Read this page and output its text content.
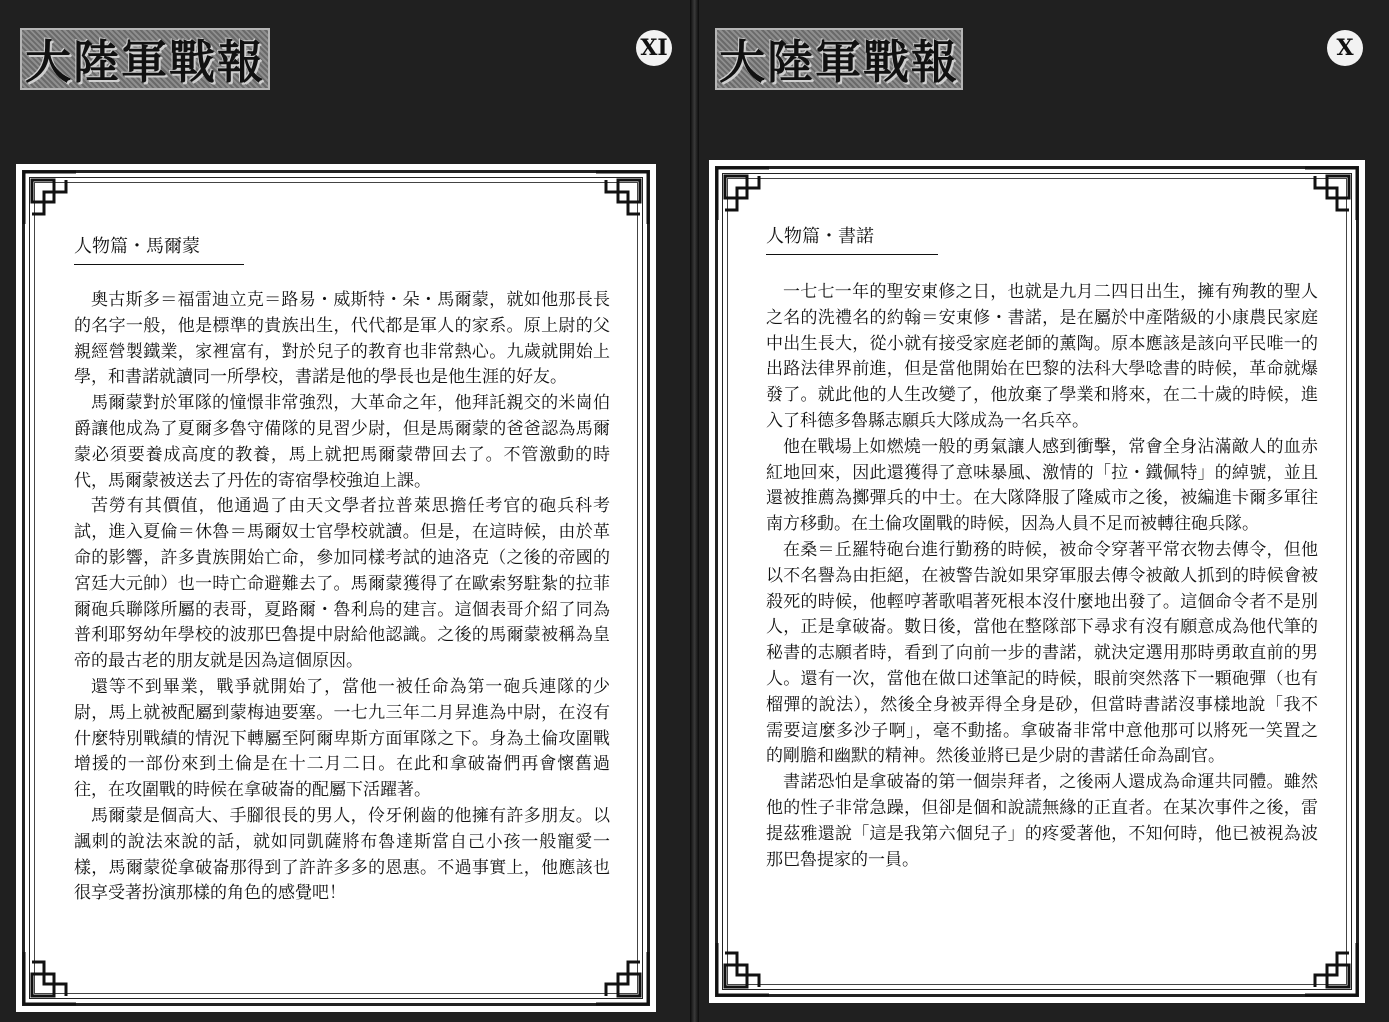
大陸軍戰報	XI
人物篇・馬爾蒙

奧古斯多＝福雷迪立克＝路易・威斯特・朵・馬爾蒙，就如他那長長的名字一般，他是標準的貴族出生，代代都是軍人的家系。原上尉的父親經營製鐵業，家裡富有，對於兒子的教育也非常熱心。九歲就開始上學，和書諾就讀同一所學校，書諾是他的學長也是他生涯的好友。

馬爾蒙對於軍隊的憧憬非常強烈，大革命之年，他拜託親交的米崗伯爵讓他成為了夏爾多魯守備隊的見習少尉，但是馬爾蒙的爸爸認為馬爾蒙必須要養成高度的教養，馬上就把馬爾蒙帶回去了。不管激動的時代，馬爾蒙被送去了丹佐的寄宿學校強迫上課。

苦勞有其價值，他通過了由天文學者拉普萊思擔任考官的砲兵科考試，進入夏倫＝休魯＝馬爾奴士官學校就讀。但是，在這時候，由於革命的影響，許多貴族開始亡命，參加同樣考試的迪洛克（之後的帝國的宮廷大元帥）也一時亡命避難去了。馬爾蒙獲得了在歐索努駐紮的拉菲爾砲兵聯隊所屬的表哥，夏路爾・魯利烏的建言。這個表哥介紹了同為普利耶努幼年學校的波那巴魯提中尉給他認識。之後的馬爾蒙被稱為皇帝的最古老的朋友就是因為這個原因。

還等不到畢業，戰爭就開始了，當他一被任命為第一砲兵連隊的少尉，馬上就被配屬到蒙梅迪要塞。一七九三年二月昇進為中尉，在沒有什麼特別戰績的情況下轉屬至阿爾卑斯方面軍隊之下。身為土倫攻圍戰增援的一部份來到土倫是在十二月二日。在此和拿破崙們再會懷舊過往，在攻圍戰的時候在拿破崙的配屬下活躍著。

馬爾蒙是個高大、手腳很長的男人，伶牙俐齒的他擁有許多朋友。以諷刺的說法來說的話，就如同凱薩將布魯達斯當自己小孩一般寵愛一樣，馬爾蒙從拿破崙那得到了許許多多的恩惠。不過事實上，他應該也很享受著扮演那樣的角色的感覺吧！

大陸軍戰報	X
人物篇・書諾

一七七一年的聖安東修之日，也就是九月二四日出生，擁有殉教的聖人之名的洗禮名的約翰＝安東修・書諾，是在屬於中產階級的小康農民家庭中出生長大，從小就有接受家庭老師的薰陶。原本應該是該向平民唯一的出路法律界前進，但是當他開始在巴黎的法科大學唸書的時候，革命就爆發了。就此他的人生改變了，他放棄了學業和將來，在二十歲的時候，進入了科德多魯縣志願兵大隊成為一名兵卒。

他在戰場上如燃燒一般的勇氣讓人感到衝擊，常會全身沾滿敵人的血赤紅地回來，因此還獲得了意味暴風、激情的「拉・鐵佩特」的綽號，並且還被推薦為擲彈兵的中士。在大隊降服了隆威市之後，被編進卡爾多軍往南方移動。在土倫攻圍戰的時候，因為人員不足而被轉往砲兵隊。

在桑＝丘羅特砲台進行勤務的時候，被命令穿著平常衣物去傳令，但他以不名譽為由拒絕，在被警告說如果穿軍服去傳令被敵人抓到的時候會被殺死的時候，他輕哼著歌唱著死根本沒什麼地出發了。這個命令者不是別人，正是拿破崙。數日後，當他在整隊部下尋求有沒有願意成為他代筆的秘書的志願者時，看到了向前一步的書諾，就決定選用那時勇敢直前的男人。還有一次，當他在做口述筆記的時候，眼前突然落下一顆砲彈（也有榴彈的說法），然後全身被弄得全身是砂，但當時書諾沒事樣地說「我不需要這麼多沙子啊」，毫不動搖。拿破崙非常中意他那可以將死一笑置之的剛膽和幽默的精神。然後並將已是少尉的書諾任命為副官。

書諾恐怕是拿破崙的第一個崇拜者，之後兩人還成為命運共同體。雖然他的性子非常急躁，但卻是個和說謊無緣的正直者。在某次事件之後，雷提茲雅還說「這是我第六個兒子」的疼愛著他，不知何時，他已被視為波那巴魯提家的一員。
